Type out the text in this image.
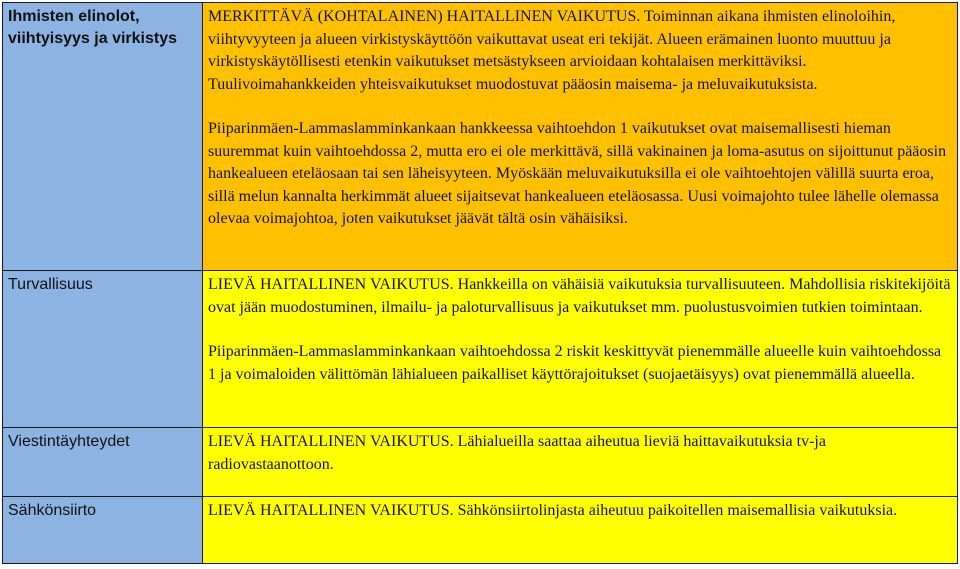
Ihmisten elinolot, viihtyisyys ja virkistys	MERKITTÄVÄ (KOHTALAINEN) HAITALLINEN VAIKUTUS. Toiminnan aikana ihmisten elinoloihin, viihtyvyyteen ja alueen virkistyskäyttöön vaikuttavat useat eri tekijät. Alueen erämainen luonto muuttuu ja virkistyskäytöllisesti etenkin vaikutukset metsästykseen arvioidaan kohtalaisen merkittäviksi. Tuulivoimahankkeiden yhteisvaikutukset muodostuvat pääosin maisema- ja meluvaikutuksista.
Piiparinmäen-Lammaslamminkankaan hankkeessa vaihtoehdon 1 vaikutukset ovat maisemallisesti hieman suuremmat kuin vaihtoehdossa 2, mutta ero ei ole merkittävä, sillä vakinainen ja loma-asutus on sijoittunut pääosin hankealueen eteläosaan tai sen läheisyyteen. Myöskään meluvaikutuksilla ei ole vaihtoehtojen välillä suurta eroa, sillä melun kannalta herkimmät alueet sijaitsevat hankealueen eteläosassa. Uusi voimajohto tulee lähelle olemassa olevaa voimajohtoa, joten vaikutukset jäävät tältä osin vähäisiksi.

Turvallisuus	LIEVÄ HAITALLINEN VAIKUTUS. Hankkeilla on vähäisiä vaikutuksia turvallisuuteen. Mahdollisia riskitekijöitä ovat jään muodostuminen, ilmailu- ja paloturvallisuus ja vaikutukset mm. puolustusvoimien tutkien toimintaan.
Piiparinmäen-Lammaslamminkankaan vaihtoehdossa 2 riskit keskittyvät pienemmälle alueelle kuin vaihtoehdossa 1 ja voimaloiden välittömän lähialueen paikalliset käyttörajoitukset (suojaetäisyys) ovat pienemmällä alueella.

Viestintäyhteydet	LIEVÄ HAITALLINEN VAIKUTUS. Lähialueilla saattaa aiheutua lieviä haittavaikutuksia tv-ja radiovastaanottoon.

Sähkönsiirto	LIEVÄ HAITALLINEN VAIKUTUS. Sähkönsiirtolinjasta aiheutuu paikoitellen maisemallisia vaikutuksia.
